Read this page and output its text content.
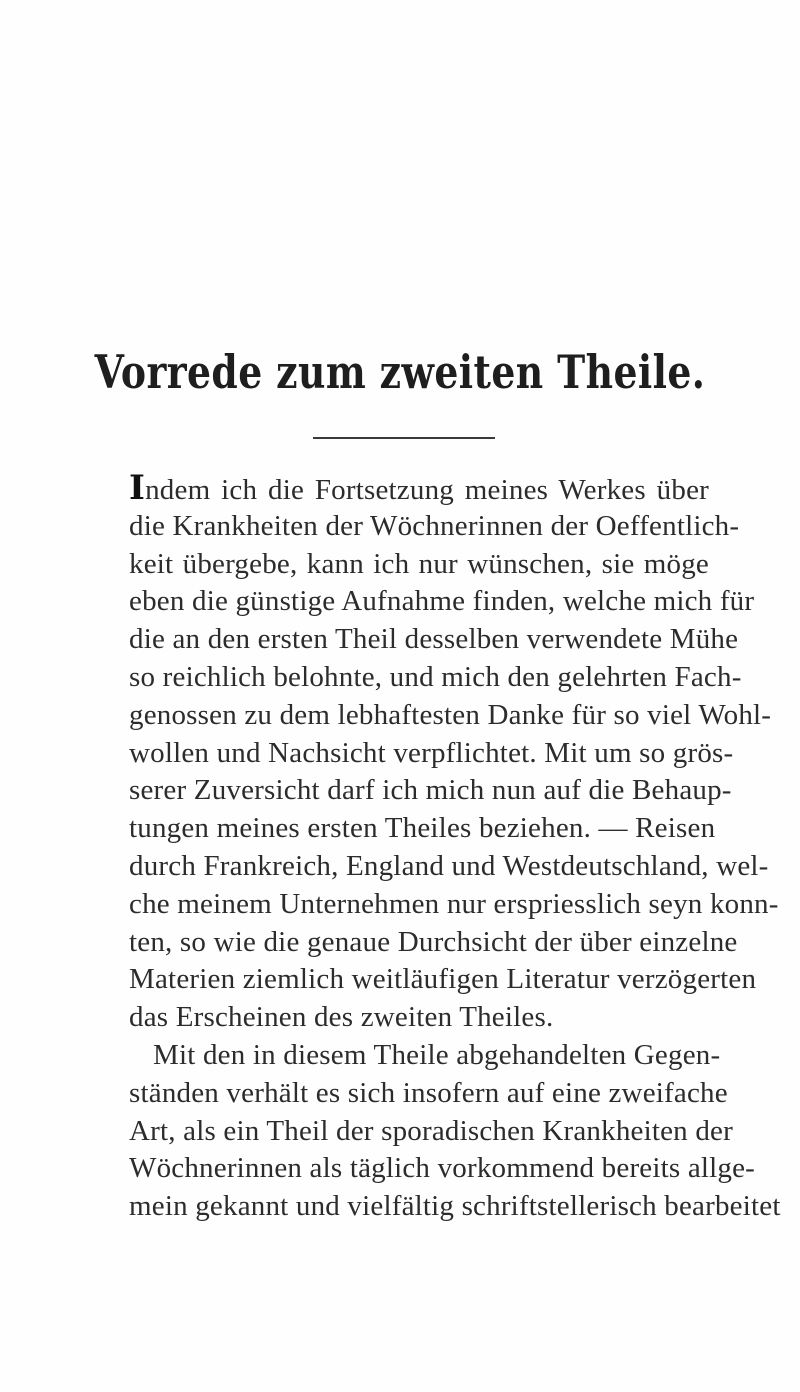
Vorrede zum zweiten Theile.
Indem ich die Fortsetzung meines Werkes über
die Krankheiten der Wöchnerinnen der Oeffentlich-
keit übergebe, kann ich nur wünschen, sie möge
eben die günstige Aufnahme finden, welche mich für
die an den ersten Theil desselben verwendete Mühe
so reichlich belohnte, und mich den gelehrten Fach-
genossen zu dem lebhaftesten Danke für so viel Wohl-
wollen und Nachsicht verpflichtet. Mit um so grös-
serer Zuversicht darf ich mich nun auf die Behaup-
tungen meines ersten Theiles beziehen. — Reisen
durch Frankreich, England und Westdeutschland, wel-
che meinem Unternehmen nur erspriesslich seyn konn-
ten, so wie die genaue Durchsicht der über einzelne
Materien ziemlich weitläufigen Literatur verzögerten
das Erscheinen des zweiten Theiles.
Mit den in diesem Theile abgehandelten Gegen-
ständen verhält es sich insofern auf eine zweifache
Art, als ein Theil der sporadischen Krankheiten der
Wöchnerinnen als täglich vorkommend bereits allge-
mein gekannt und vielfältig schriftstellerisch bearbeitet
